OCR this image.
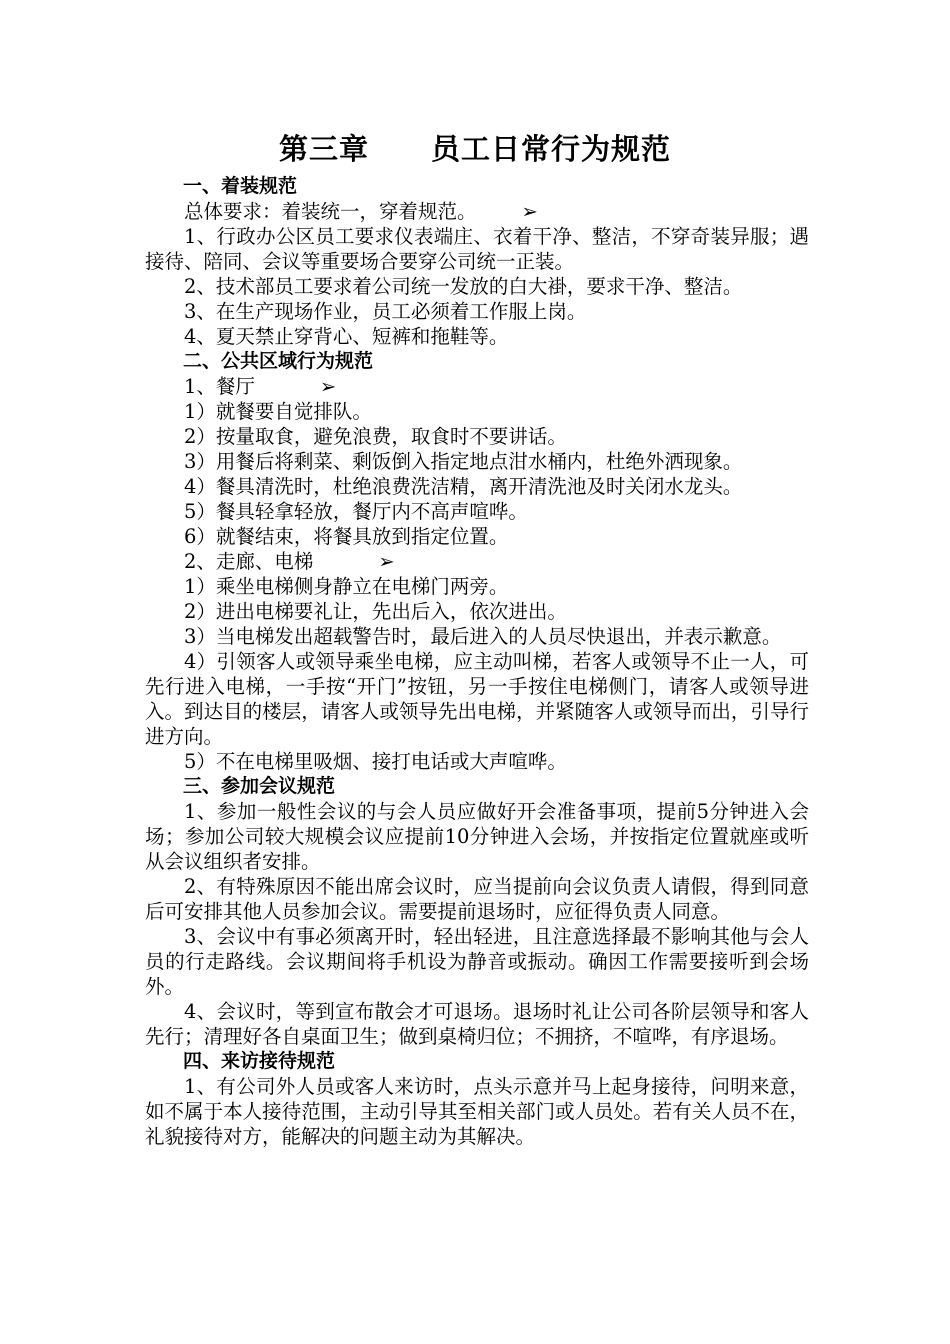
第三章 员工日常行为规范

一、着装规范

总体要求：着装统一，穿着规范。 ➢

1、行政办公区员工要求仪表端庄、衣着干净、整洁，不穿奇装异服；遇接待、陪同、会议等重要场合要穿公司统一正装。

2、技术部员工要求着公司统一发放的白大褂，要求干净、整洁。

3、在生产现场作业，员工必须着工作服上岗。

4、夏天禁止穿背心、短裤和拖鞋等。

二、公共区域行为规范

1、餐厅	➢

1）就餐要自觉排队。

2）按量取食，避免浪费，取食时不要讲话。

3）用餐后将剩菜、剩饭倒入指定地点泔水桶内，杜绝外洒现象。

4）餐具清洗时，杜绝浪费洗洁精，离开清洗池及时关闭水龙头。

5）餐具轻拿轻放，餐厅内不高声喧哗。

6）就餐结束，将餐具放到指定位置。

2、走廊、电梯	➢

1）乘坐电梯侧身静立在电梯门两旁。

2）进出电梯要礼让，先出后入，依次进出。

3）当电梯发出超载警告时，最后进入的人员尽快退出，并表示歉意。

4）引领客人或领导乘坐电梯，应主动叫梯，若客人或领导不止一人，可先行进入电梯，一手按“开门”按钮，另一手按住电梯侧门，请客人或领导进入。到达目的楼层，请客人或领导先出电梯，并紧随客人或领导而出，引导行进方向。

5）不在电梯里吸烟、接打电话或大声喧哗。

三、参加会议规范

1、参加一般性会议的与会人员应做好开会准备事项，提前5分钟进入会场；参加公司较大规模会议应提前10分钟进入会场，并按指定位置就座或听从会议组织者安排。

2、有特殊原因不能出席会议时，应当提前向会议负责人请假，得到同意后可安排其他人员参加会议。需要提前退场时，应征得负责人同意。

3、会议中有事必须离开时，轻出轻进，且注意选择最不影响其他与会人员的行走路线。会议期间将手机设为静音或振动。确因工作需要接听到会场外。

4、会议时，等到宣布散会才可退场。退场时礼让公司各阶层领导和客人先行；清理好各自桌面卫生；做到桌椅归位；不拥挤，不喧哗，有序退场。

四、来访接待规范

1、有公司外人员或客人来访时，点头示意并马上起身接待，问明来意，如不属于本人接待范围，主动引导其至相关部门或人员处。若有关人员不在，礼貌接待对方，能解决的问题主动为其解决。
